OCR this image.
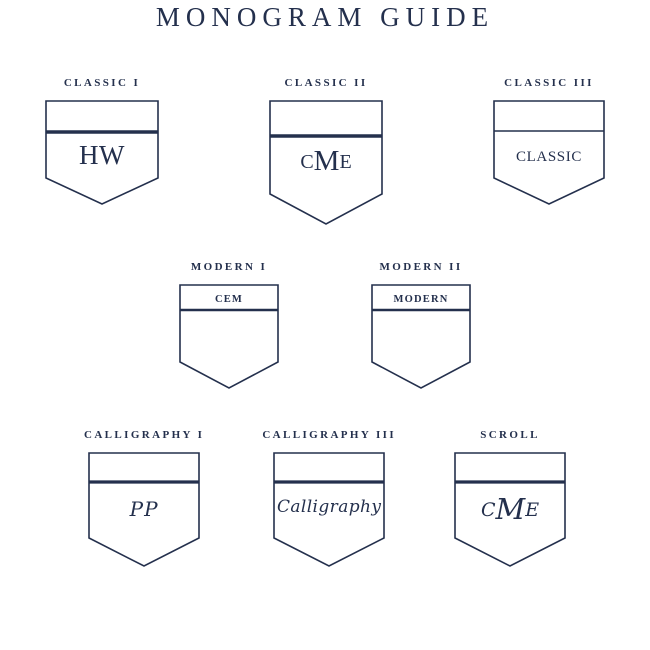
MONOGRAM GUIDE
CLASSIC I
HW
CLASSIC II
CME
CLASSIC III
CLASSIC
MODERN I
CEM
MODERN II
MODERN
CALLIGRAPHY I
PP
CALLIGRAPHY III
Calligraphy
SCROLL
CME
